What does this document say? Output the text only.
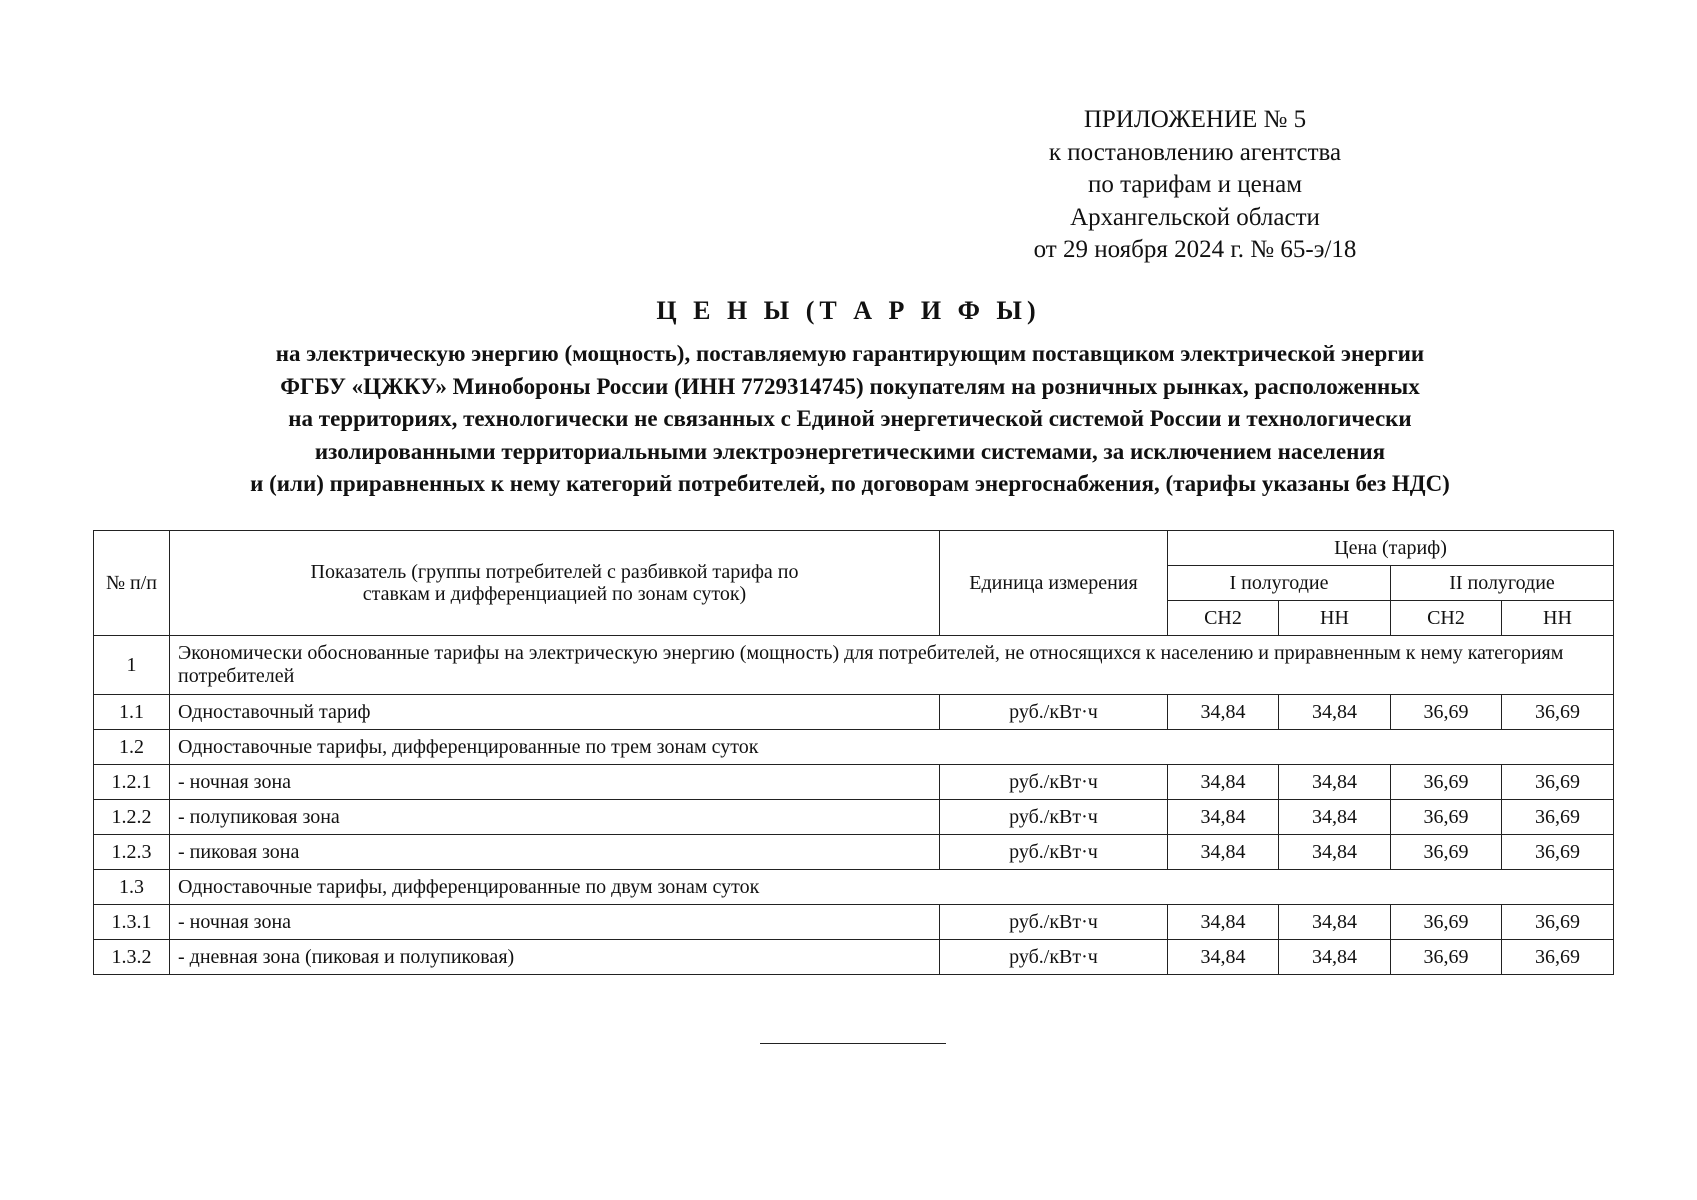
ПРИЛОЖЕНИЕ № 5
к постановлению агентства
по тарифам и ценам
Архангельской области
от 29 ноября 2024 г. № 65-э/18
Ц Е Н Ы (Т А Р И Ф Ы)
на электрическую энергию (мощность), поставляемую гарантирующим поставщиком электрической энергии
ФГБУ «ЦЖКУ» Минобороны России (ИНН 7729314745) покупателям на розничных рынках, расположенных
на территориях, технологически не связанных с Единой энергетической системой России и технологически
изолированными территориальными электроэнергетическими системами, за исключением населения
и (или) приравненных к нему категорий потребителей, по договорам энергоснабжения, (тарифы указаны без НДС)
№ п/п	Показатель (группы потребителей с разбивкой тарифа по ставкам и дифференциацией по зонам суток)	Единица измерения	Цена (тариф)			
			I полугодие		II полугодие	
			СН2	НН	СН2	НН
1	Экономически обоснованные тарифы на электрическую энергию (мощность) для потребителей, не относящихся к населению и приравненным к нему категориям потребителей					
1.1	Одноставочный тариф	руб./кВт·ч	34,84	34,84	36,69	36,69
1.2	Одноставочные тарифы, дифференцированные по трем зонам суток					
1.2.1	- ночная зона	руб./кВт·ч	34,84	34,84	36,69	36,69
1.2.2	- полупиковая зона	руб./кВт·ч	34,84	34,84	36,69	36,69
1.2.3	- пиковая зона	руб./кВт·ч	34,84	34,84	36,69	36,69
1.3	Одноставочные тарифы, дифференцированные по двум зонам суток					
1.3.1	- ночная зона	руб./кВт·ч	34,84	34,84	36,69	36,69
1.3.2	- дневная зона (пиковая и полупиковая)	руб./кВт·ч	34,84	34,84	36,69	36,69
